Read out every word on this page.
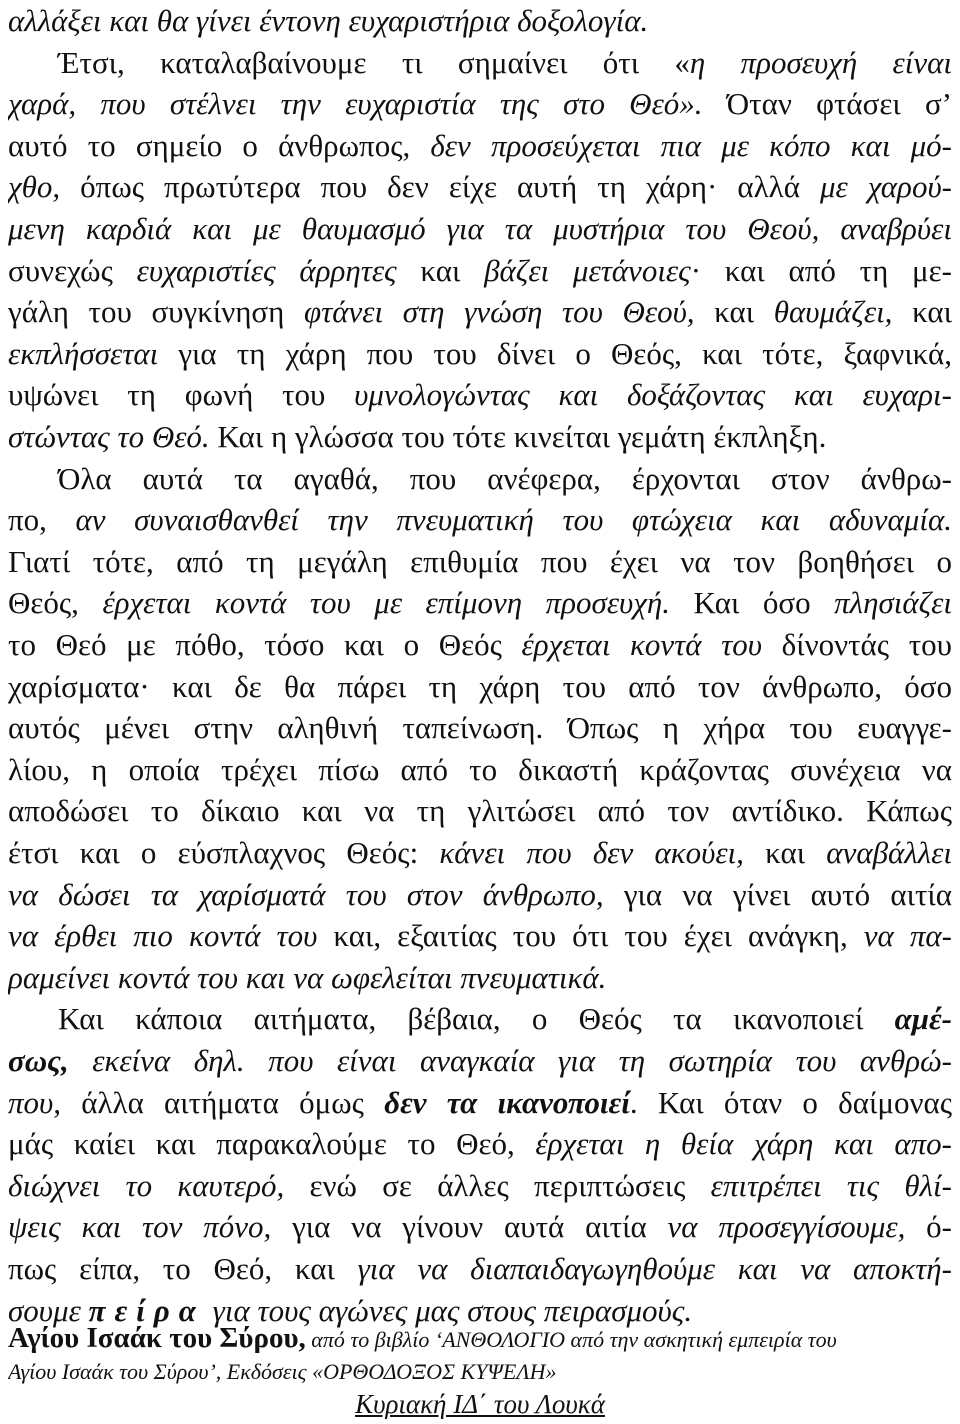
αλλάξει και θα γίνει έντονη ευχαριστήρια δοξολογία.
Έτσι, καταλαβαίνουμε τι σημαίνει ότι «η προσευχή είναι
χαρά, που στέλνει την ευχαριστία της στο Θεό». Όταν φτάσει σ’
αυτό το σημείο ο άνθρωπος, δεν προσεύχεται πια με κόπο και μό-
χθο, όπως πρωτύτερα που δεν είχε αυτή τη χάρη· αλλά με χαρού-
μενη καρδιά και με θαυμασμό για τα μυστήρια του Θεού, αναβρύει
συνεχώς ευχαριστίες άρρητες και βάζει μετάνοιες· και από τη με-
γάλη του συγκίνηση φτάνει στη γνώση του Θεού, και θαυμάζει, και
εκπλήσσεται για τη χάρη που του δίνει ο Θεός, και τότε, ξαφνικά,
υψώνει τη φωνή του υμνολογώντας και δοξάζοντας και ευχαρι-
στώντας το Θεό. Και η γλώσσα του τότε κινείται γεμάτη έκπληξη.
Όλα αυτά τα αγαθά, που ανέφερα, έρχονται στον άνθρω-
πο, αν συναισθανθεί την πνευματική του φτώχεια και αδυναμία.
Γιατί τότε, από τη μεγάλη επιθυμία που έχει να τον βοηθήσει ο
Θεός, έρχεται κοντά του με επίμονη προσευχή. Και όσο πλησιάζει
το Θεό με πόθο, τόσο και ο Θεός έρχεται κοντά του δίνοντάς του
χαρίσματα· και δε θα πάρει τη χάρη του από τον άνθρωπο, όσο
αυτός μένει στην αληθινή ταπείνωση. Όπως η χήρα του ευαγγε-
λίου, η οποία τρέχει πίσω από το δικαστή κράζοντας συνέχεια να
αποδώσει το δίκαιο και να τη γλιτώσει από τον αντίδικο. Κάπως
έτσι και ο εύσπλαχνος Θεός: κάνει που δεν ακούει, και αναβάλλει
να δώσει τα χαρίσματά του στον άνθρωπο, για να γίνει αυτό αιτία
να έρθει πιο κοντά του και, εξαιτίας του ότι του έχει ανάγκη, να πα-
ραμείνει κοντά του και να ωφελείται πνευματικά.
Και κάποια αιτήματα, βέβαια, ο Θεός τα ικανοποιεί αμέ-
σως, εκείνα δηλ. που είναι αναγκαία για τη σωτηρία του ανθρώ-
που, άλλα αιτήματα όμως δεν τα ικανοποιεί. Και όταν ο δαίμονας
μάς καίει και παρακαλούμε το Θεό, έρχεται η θεία χάρη και απο-
διώχνει το καυτερό, ενώ σε άλλες περιπτώσεις επιτρέπει τις θλί-
ψεις και τον πόνο, για να γίνουν αυτά αιτία να προσεγγίσουμε, ό-
πως είπα, το Θεό, και για να διαπαιδαγωγηθούμε και να αποκτή-
σουμε πείρα για τους αγώνες μας στους πειρασμούς.
Αγίου Ισαάκ του Σύρου, από το βιβλίο ‘ΑΝΘΟΛΟΓΙΟ από την ασκητική εμπειρία του
Αγίου Ισαάκ του Σύρου’, Εκδόσεις «ΟΡΘΟΔΟΞΟΣ ΚΥΨΕΛΗ»
Κυριακή ΙΔ΄ του Λουκά
